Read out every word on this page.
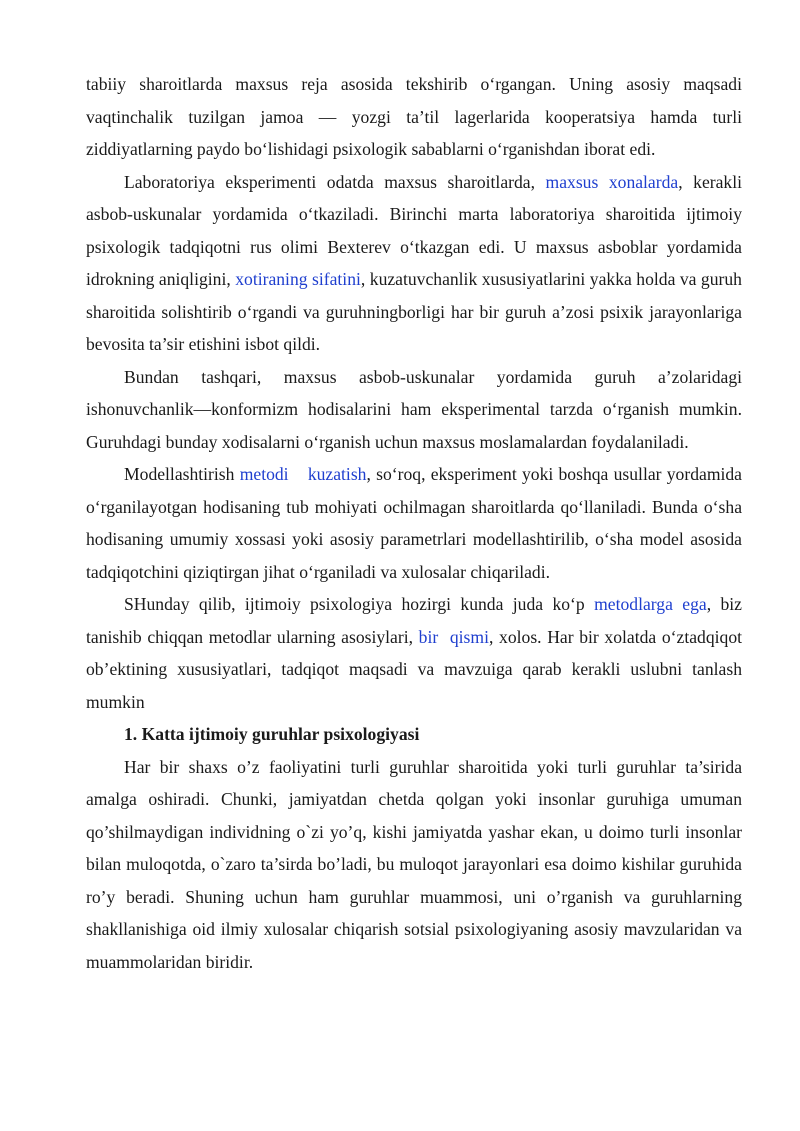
tabiiy sharoitlarda maxsus reja asosida tekshirib o‘rgangan. Uning asosiy maqsadi vaqtinchalik tuzilgan jamoa — yozgi ta’til lagerlarida kooperatsiya hamda turli ziddiyatlarning paydo bo‘lishidagi psixologik sabablarni o‘rganishdan iborat edi.

Laboratoriya eksperimenti odatda maxsus sharoitlarda, maxsus xonalarda, kerakli asbob-uskunalar yordamida o‘tkaziladi. Birinchi marta laboratoriya sharoitida ijtimoiy psixologik tadqiqotni rus olimi Bexterev o‘tkazgan edi. U maxsus asboblar yordamida idrokning aniqligini, xotiraning sifatini, kuzatuvchanlik xususiyatlarini yakka holda va guruh sharoitida solishtirib o‘rgandi va guruhningborligi har bir guruh a’zosi psixik jarayonlariga bevosita ta’sir etishini isbot qildi.

Bundan tashqari, maxsus asbob-uskunalar yordamida guruh a’zolaridagi ishonuvchanlik—konformizm hodisalarini ham eksperimental tarzda o‘rganish mumkin. Guruhdagi bunday xodisalarni o‘rganish uchun maxsus moslamalardan foydalaniladi.

Modellashtirish metodi kuzatish, so‘roq, eksperiment yoki boshqa usullar yordamida o‘rganilayotgan hodisaning tub mohiyati ochilmagan sharoitlarda qo‘llaniladi. Bunda o‘sha hodisaning umumiy xossasi yoki asosiy parametrlari modellashtirilib, o‘sha model asosida tadqiqotchini qiziqtirgan jihat o‘rganiladi va xulosalar chiqariladi.

SHunday qilib, ijtimoiy psixologiya hozirgi kunda juda ko‘p metodlarga ega, biz tanishib chiqqan metodlar ularning asosiylari, bir qismi, xolos. Har bir xolatda o‘ztadqiqot ob’ektining xususiyatlari, tadqiqot maqsadi va mavzuiga qarab kerakli uslubni tanlash mumkin

1. Katta ijtimoiy guruhlar psixologiyasi

Har bir shaxs o’z faoliyatini turli guruhlar sharoitida yoki turli guruhlar ta’sirida amalga oshiradi. Chunki, jamiyatdan chetda qolgan yoki insonlar guruhiga umuman qo’shilmaydigan individning o`zi yo’q, kishi jamiyatda yashar ekan, u doimo turli insonlar bilan muloqotda, o`zaro ta’sirda bo’ladi, bu muloqot jarayonlari esa doimo kishilar guruhida ro’y beradi. Shuning uchun ham guruhlar muammosi, uni o’rganish va guruhlarning shakllanishiga oid ilmiy xulosalar chiqarish sotsial psixologiyaning asosiy mavzularidan va muammolaridan biridir.
